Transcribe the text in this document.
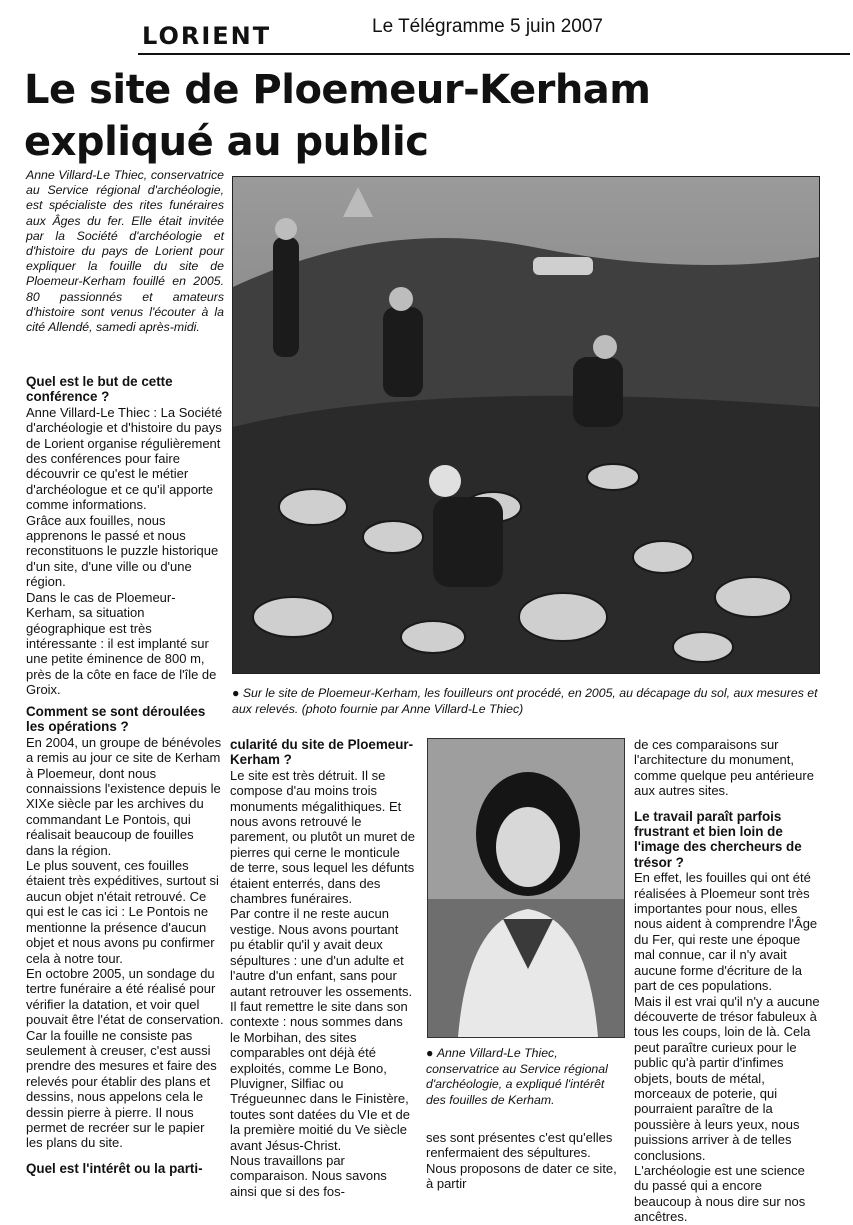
LORIENT	Le Télégramme 5 juin 2007
Le site de Ploemeur-Kerham
expliqué au public
Anne Villard-Le Thiec, conservatrice au Service régional d'archéologie, est spécialiste des rites funéraires aux Âges du fer. Elle était invitée par la Société d'archéologie et d'histoire du pays de Lorient pour expliquer la fouille du site de Ploemeur-Kerham fouillé en 2005. 80 passionnés et amateurs d'histoire sont venus l'écouter à la cité Allendé, samedi après-midi.

Quel est le but de cette conférence ?

Anne Villard-Le Thiec : La Société d'archéologie et d'histoire du pays de Lorient organise régulièrement des conférences pour faire découvrir ce qu'est le métier d'archéologue et ce qu'il apporte comme informations.

Grâce aux fouilles, nous apprenons le passé et nous reconstituons le puzzle historique d'un site, d'une ville ou d'une région.

Dans le cas de Ploemeur-Kerham, sa situation géographique est très intéressante : il est implanté sur une petite éminence de 800 m, près de la côte en face de l'île de Groix.

Comment se sont déroulées les opérations ?

En 2004, un groupe de bénévoles a remis au jour ce site de Kerham à Ploemeur, dont nous connaissions l'existence depuis le XIXe siècle par les archives du commandant Le Pontois, qui réalisait beaucoup de fouilles dans la région.

Le plus souvent, ces fouilles étaient très expéditives, surtout si aucun objet n'était retrouvé. Ce qui est le cas ici : Le Pontois ne mentionne la présence d'aucun objet et nous avons pu confirmer cela à notre tour.

En octobre 2005, un sondage du tertre funéraire a été réalisé pour vérifier la datation, et voir quel pouvait être l'état de conservation. Car la fouille ne consiste pas seulement à creuser, c'est aussi prendre des mesures et faire des relevés pour établir des plans et dessins, nous appelons cela le dessin pierre à pierre. Il nous permet de recréer sur le papier les plans du site.

Quel est l'intérêt ou la parti-

● Sur le site de Ploemeur-Kerham, les fouilleurs ont procédé, en 2005, au décapage du sol, aux mesures et aux relevés. (photo fournie par Anne Villard-Le Thiec)

cularité du site de Ploemeur-Kerham ?

Le site est très détruit. Il se compose d'au moins trois monuments mégalithiques. Et nous avons retrouvé le parement, ou plutôt un muret de pierres qui cerne le monticule de terre, sous lequel les défunts étaient enterrés, dans des chambres funéraires.

Par contre il ne reste aucun vestige. Nous avons pourtant pu établir qu'il y avait deux sépultures : une d'un adulte et l'autre d'un enfant, sans pour autant retrouver les ossements.

Il faut remettre le site dans son contexte : nous sommes dans le Morbihan, des sites comparables ont déjà été exploités, comme Le Bono, Pluvigner, Silfiac ou Trégueunnec dans le Finistère, toutes sont datées du VIe et de la première moitié du Ve siècle avant Jésus-Christ.

Nous travaillons par comparaison. Nous savons ainsi que si des fos-

● Anne Villard-Le Thiec, conservatrice au Service régional d'archéologie, a expliqué l'intérêt des fouilles de Kerham.

ses sont présentes c'est qu'elles renfermaient des sépultures. Nous proposons de dater ce site, à partir

de ces comparaisons sur l'architecture du monument, comme quelque peu antérieure aux autres sites.

Le travail paraît parfois frustrant et bien loin de l'image des chercheurs de trésor ?

En effet, les fouilles qui ont été réalisées à Ploemeur sont très importantes pour nous, elles nous aident à comprendre l'Âge du Fer, qui reste une époque mal connue, car il n'y avait aucune forme d'écriture de la part de ces populations.

Mais il est vrai qu'il n'y a aucune découverte de trésor fabuleux à tous les coups, loin de là. Cela peut paraître curieux pour le public qu'à partir d'infimes objets, bouts de métal, morceaux de poterie, qui pourraient paraître de la poussière à leurs yeux, nous puissions arriver à de telles conclusions.

L'archéologie est une science du passé qui a encore beaucoup à nous dire sur nos ancêtres.
